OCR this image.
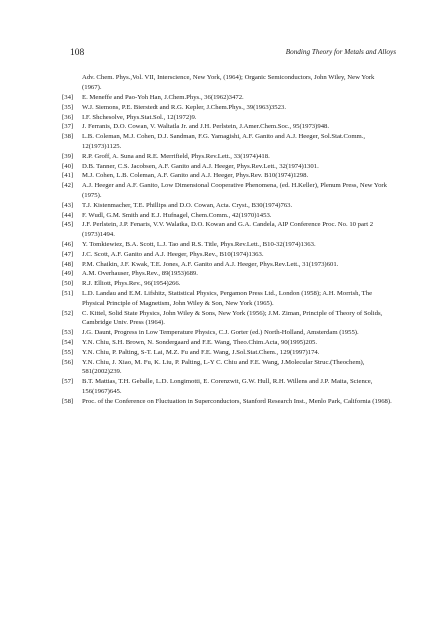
108	Bonding Theory for Metals and Alloys
Adv. Chem. Phys.,Vol. VII, Interscience, New York, (1964); Organic Semiconductors, John Wiley, New York (1967).
[34] E. Meneffe and Pao-Yoh Han, J.Chem.Phys., 36(1962)3472.
[35] W.J. Siemons, P.E. Bierstedt and R.G. Kepler, J.Chem.Phys., 39(1963)3523.
[36] I.F. Shchesolve, Phys.Stat.Sol., 12(1972)9.
[37] J. Ferranis, D.O. Cowan, V. Waltatla Jr. and J.H. Perlstein, J.Amer.Chem.Soc., 95(1973)948.
[38] L.B. Coleman, M.J. Cohen, D.J. Sandman, F.G. Yamagishi, A.F. Ganito and A.J. Heeger, Sol.Stat.Comm., 12(1973)1125.
[39] R.P. Groff, A. Suna and R.E. Merrifield, Phys.Rev.Lett., 33(1974)418.
[40] D.B. Tanner, C.S. Jacobsen, A.F. Ganito and A.J. Heeger, Phys.Rev.Lett., 32(1974)1301.
[41] M.J. Cohen, L.B. Coleman, A.F. Ganito and A.J. Heeger, Phys.Rev. B10(1974)1298.
[42] A.J. Heeger and A.F. Ganito, Low Dimensional Cooperative Phenomena, (ed. H.Keller), Plenum Press, New York (1975).
[43] T.J. Kistenmacher, T.E. Phillips and D.O. Cowan, Acta. Cryst., B30(1974)763.
[44] F. Wudl, G.M. Smith and E.J. Hufnagel, Chem.Comm., 42(1970)1453.
[45] J.F. Perlstein, J.P. Fenaris, V.V. Walatka, D.O. Kowan and G.A. Candela, AIP Conference Proc. No. 10 part 2 (1973)1494.
[46] Y. Tomkiewiez, B.A. Scott, L.J. Tao and R.S. Title, Phys.Rev.Lett., B10-32(1974)1363.
[47] J.C. Scott, A.F. Ganito and A.J. Heeger, Phys.Rev., B10(1974)1363.
[48] P.M. Chaikin, J.F. Kwak, T.E. Jones, A.F. Ganito and A.J. Heeger, Phys.Rev.Lett., 31(1973)601.
[49] A.M. Overhauser, Phys.Rev., 89(1953)689.
[50] R.J. Elliott, Phys.Rev., 96(1954)266.
[51] L.D. Landau and E.M. Lifshitz, Statistical Physics, Pergamon Press Ltd., London (1958); A.H. Morrish, The Physical Principle of Magnetism, John Wiley & Son, New York (1965).
[52] C. Kittel, Solid State Physics, John Wiley & Sons, New York (1956); J.M. Ziman, Principle of Theory of Solids, Cambridge Univ. Press (1964).
[53] J.G. Daunt, Progress in Low Temperature Physics, C.J. Gorter (ed.) North-Holland, Amsterdam (1955).
[54] Y.N. Chiu, S.H. Brown, N. Sondergaard and F.E. Wang, Theo.Chim.Acta, 90(1995)205.
[55] Y.N. Chiu, P. Palting, S-T. Lai, M.Z. Fu and F.E. Wang, J.Sol.Stat.Chem., 129(1997)174.
[56] Y.N. Chiu, J. Xiao, M. Fu, K. Liu, P. Palting, L-Y C. Chiu and F.E. Wang, J.Molecular Struc.(Theochem), 581(2002)239.
[57] B.T. Mattias, T.H. Geballe, L.D. Longimotti, E. Corenzwit, G.W. Hull, R.H. Willens and J.P. Maita, Science, 156(1967)645.
[58] Proc. of the Conference on Fluctuation in Superconductors, Stanford Research Inst., Menlo Park, California (1968).
